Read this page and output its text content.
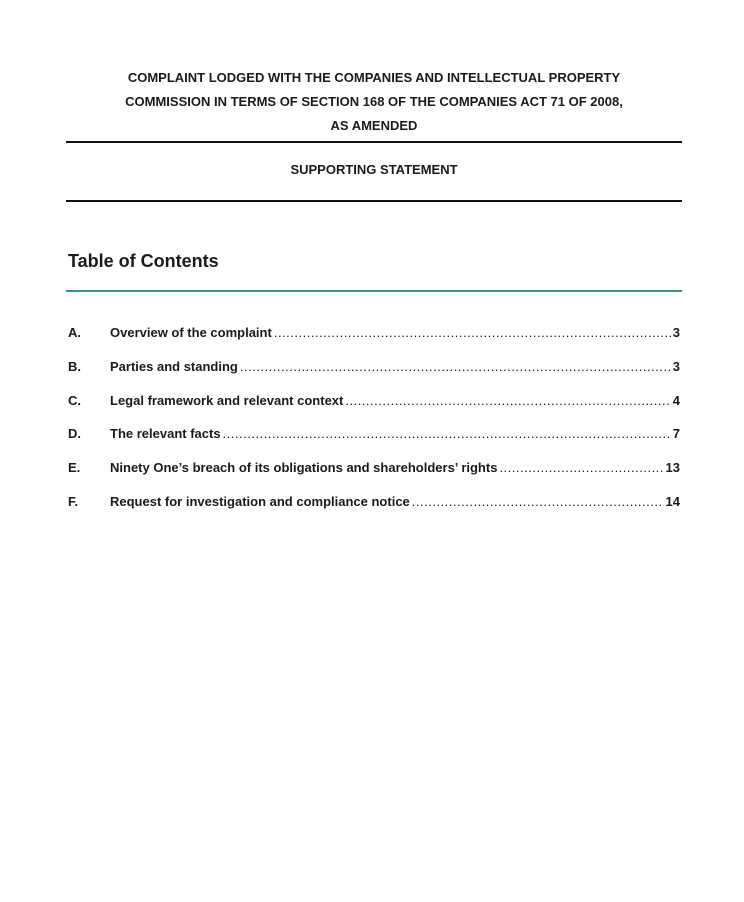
COMPLAINT LODGED WITH THE COMPANIES AND INTELLECTUAL PROPERTY
COMMISSION IN TERMS OF SECTION 168 OF THE COMPANIES ACT 71 OF 2008,
AS AMENDED
SUPPORTING STATEMENT
Table of Contents
A.	Overview of the complaint .....	3
B.	Parties and standing .....	3
C.	Legal framework and relevant context .....	4
D.	The relevant facts .....	7
E.	Ninety One’s breach of its obligations and shareholders’ rights .....	13
F.	Request for investigation and compliance notice .....	14
